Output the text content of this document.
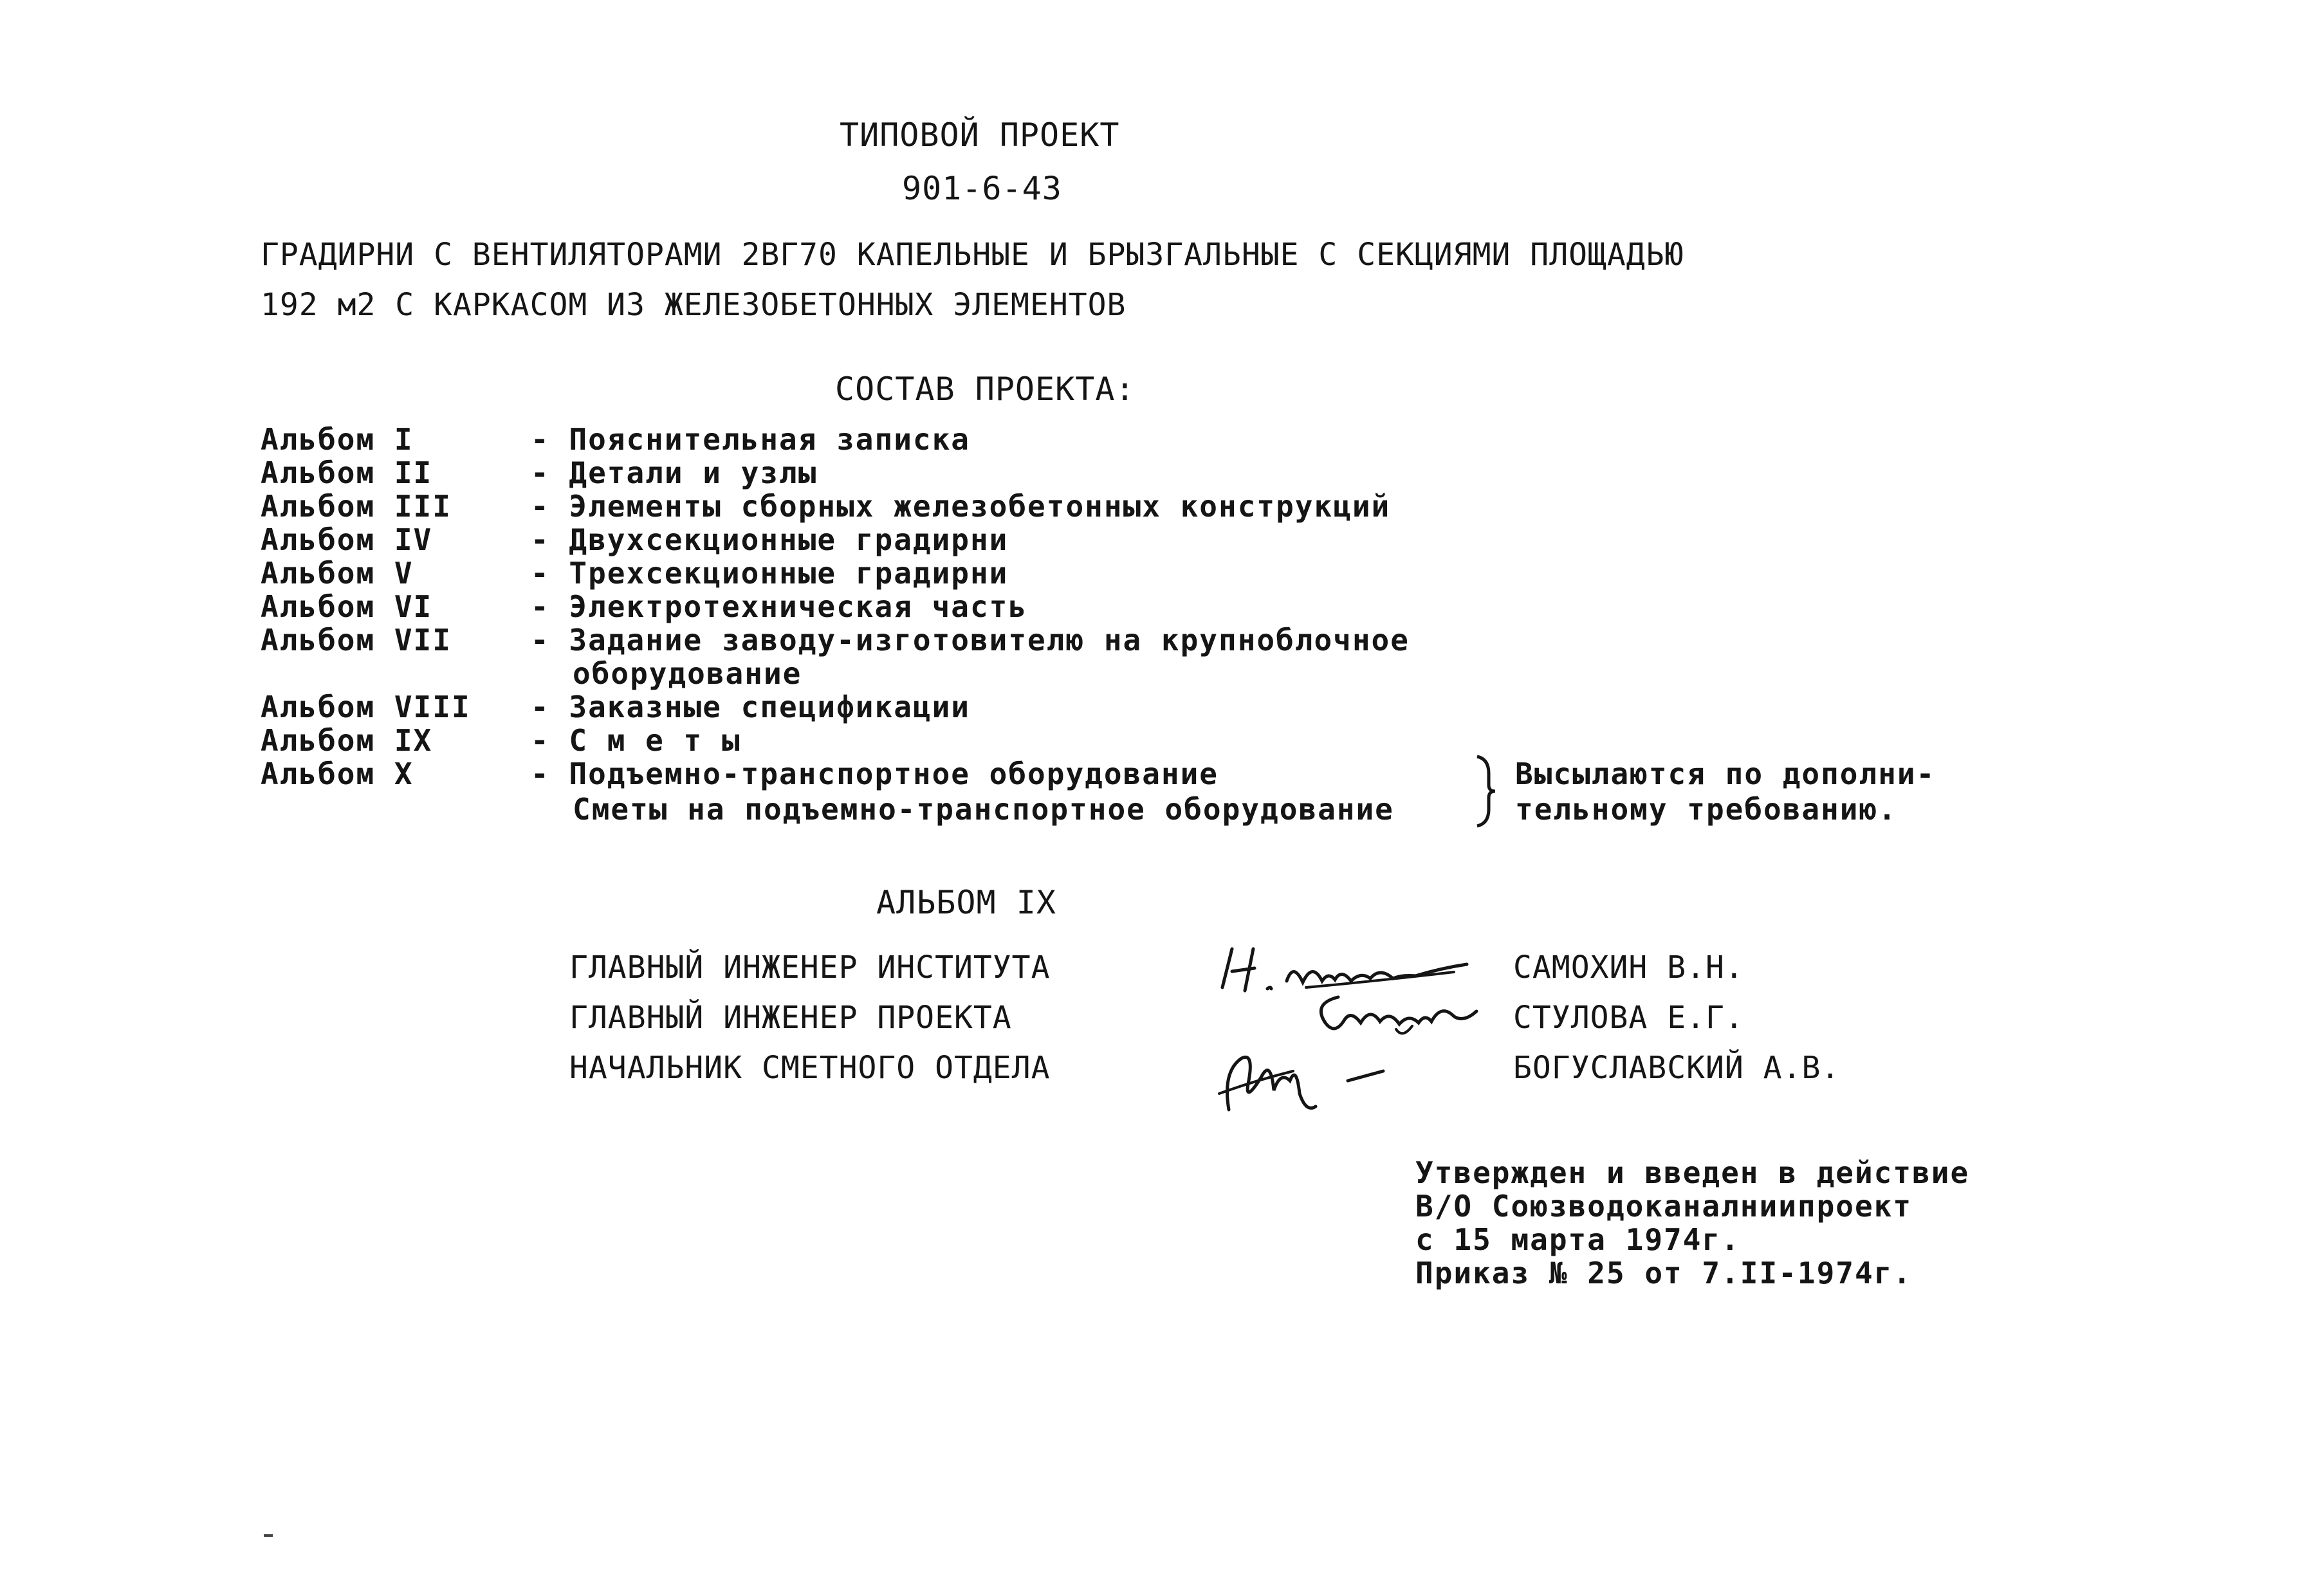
ТИПОВОЙ ПРОЕКТ
901-6-43
ГРАДИРНИ С ВЕНТИЛЯТОРАМИ 2ВГ70 КАПЕЛЬНЫЕ И БРЫЗГАЛЬНЫЕ С СЕКЦИЯМИ ПЛОЩАДЬЮ
192 м2 С КАРКАСОМ ИЗ ЖЕЛЕЗОБЕТОННЫХ ЭЛЕМЕНТОВ
СОСТАВ ПРОЕКТА:
Альбом I	- Пояснительная записка
Альбом II	- Детали и узлы
Альбом III	- Элементы сборных железобетонных конструкций
Альбом IV	- Двухсекционные градирни
Альбом V	- Трехсекционные градирни
Альбом VI	- Электротехническая часть
Альбом VII	- Задание заводу-изготовителю на крупноблочное
оборудование
Альбом VIII - Заказные спецификации
Альбом IX	- С м е т ы
Альбом X	- Подъемно-транспортное оборудование
Сметы на подъемно-транспортное оборудование
Высылаются по дополни-
тельному требованию.
АЛЬБОМ IX
ГЛАВНЫЙ ИНЖЕНЕР ИНСТИТУТА	САМОХИН В.Н.
ГЛАВНЫЙ ИНЖЕНЕР ПРОЕКТА	СТУЛОВА Е.Г.
НАЧАЛЬНИК СМЕТНОГО ОТДЕЛА	БОГУСЛАВСКИЙ А.В.
Утвержден и введен в действие
В/О Союзводоканалниипроект
с 15 марта 1974г.
Приказ № 25 от 7.II-1974г.
